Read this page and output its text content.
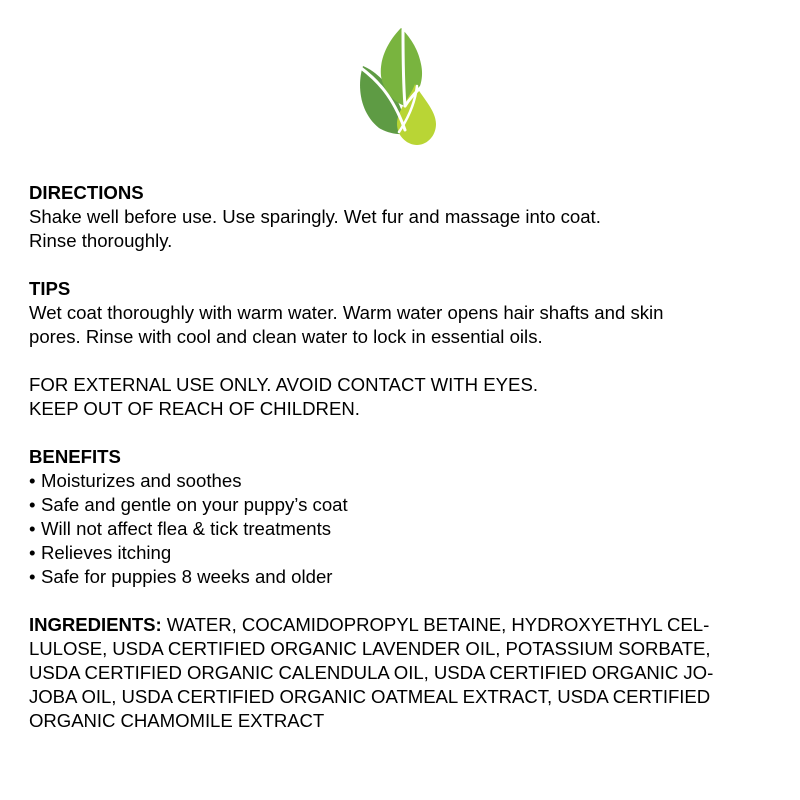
DIRECTIONS

Shake well before use. Use sparingly. Wet fur and massage into coat.

Rinse thoroughly.

TIPS

Wet coat thoroughly with warm water. Warm water opens hair shafts and skin

pores. Rinse with cool and clean water to lock in essential oils.

FOR EXTERNAL USE ONLY. AVOID CONTACT WITH EYES.

KEEP OUT OF REACH OF CHILDREN.

BENEFITS

• Moisturizes and soothes
• Safe and gentle on your puppy’s coat
• Will not affect flea & tick treatments
• Relieves itching
• Safe for puppies 8 weeks and older

INGREDIENTS: WATER, COCAMIDOPROPYL BETAINE, HYDROXYETHYL CEL-

LULOSE, USDA CERTIFIED ORGANIC LAVENDER OIL, POTASSIUM SORBATE,

USDA CERTIFIED ORGANIC CALENDULA OIL, USDA CERTIFIED ORGANIC JO-

JOBA OIL, USDA CERTIFIED ORGANIC OATMEAL EXTRACT, USDA CERTIFIED

ORGANIC CHAMOMILE EXTRACT
